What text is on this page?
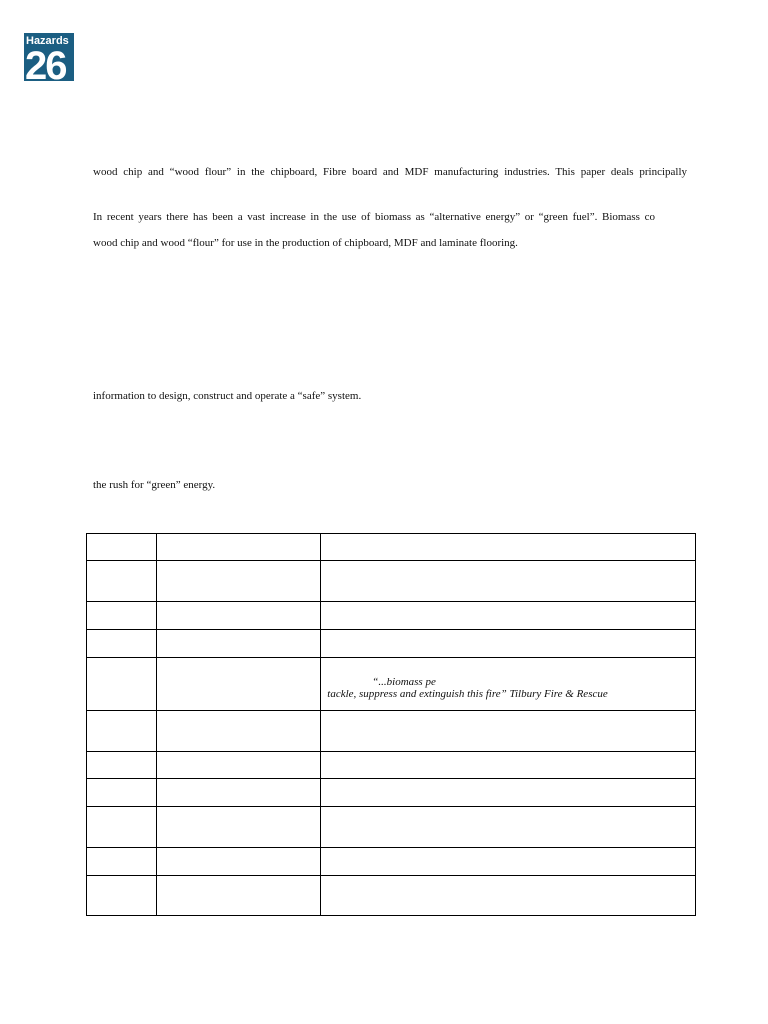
Hazards
26

wood chip and “wood flour” in the chipboard, Fibre board and MDF manufacturing industries. This paper deals principally

In recent years there has been a vast increase in the use of biomass as “alternative energy” or “green fuel”. Biomass co

wood chip and wood “flour” for use in the production of chipboard, MDF and laminate flooring.

information to design, construct and operate a “safe” system.

the rush for “green” energy.

		“...biomass pe
tackle, suppress and extinguish this fire” Tilbury Fire & Rescue
